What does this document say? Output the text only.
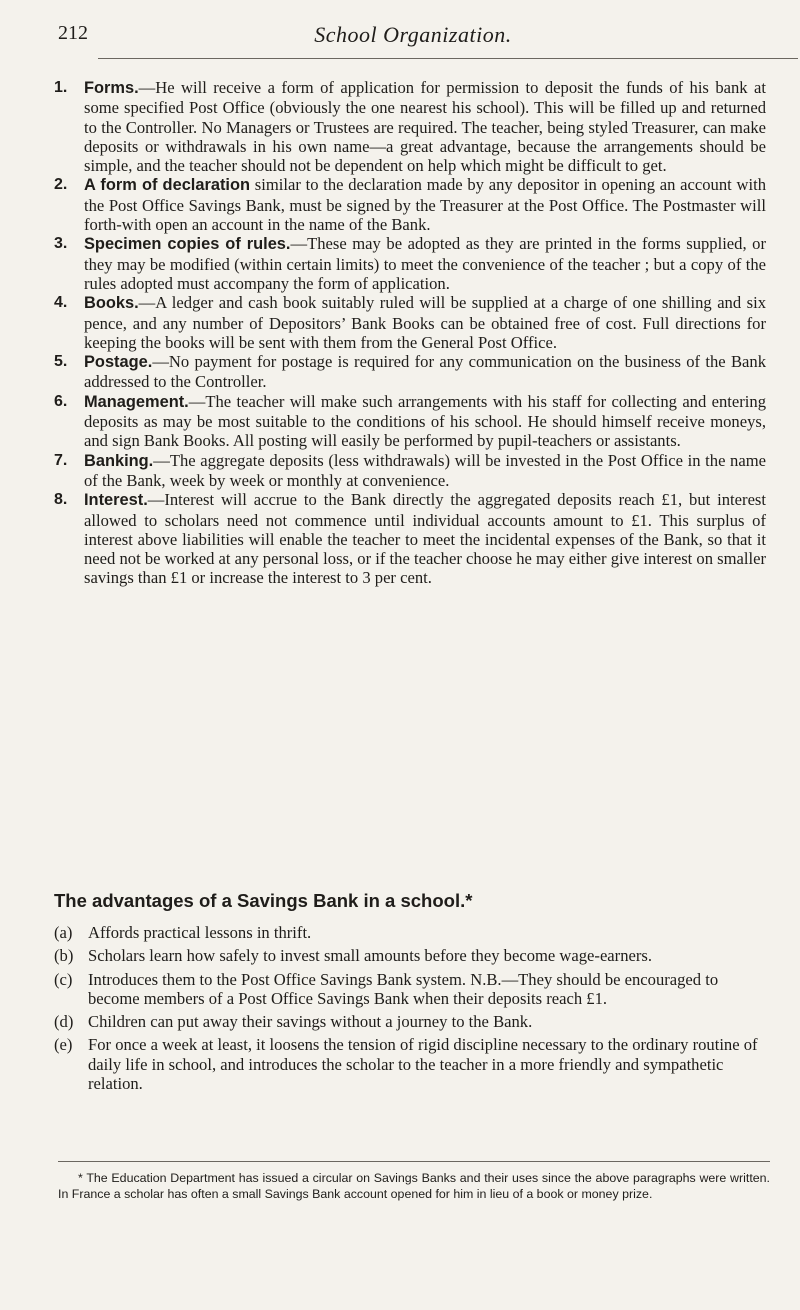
212	School Organization.
1. Forms.—He will receive a form of application for permission to deposit the funds of his bank at some specified Post Office (obviously the one nearest his school). This will be filled up and returned to the Controller. No Managers or Trustees are required. The teacher, being styled Treasurer, can make deposits or withdrawals in his own name—a great advantage, because the arrangements should be simple, and the teacher should not be dependent on help which might be difficult to get.
2. A form of declaration similar to the declaration made by any depositor in opening an account with the Post Office Savings Bank, must be signed by the Treasurer at the Post Office. The Postmaster will forth-with open an account in the name of the Bank.
3. Specimen copies of rules.—These may be adopted as they are printed in the forms supplied, or they may be modified (within certain limits) to meet the convenience of the teacher ; but a copy of the rules adopted must accompany the form of application.
4. Books.—A ledger and cash book suitably ruled will be supplied at a charge of one shilling and six pence, and any number of Depositors’ Bank Books can be obtained free of cost. Full directions for keeping the books will be sent with them from the General Post Office.
5. Postage.—No payment for postage is required for any communication on the business of the Bank addressed to the Controller.
6. Management.—The teacher will make such arrangements with his staff for collecting and entering deposits as may be most suitable to the conditions of his school. He should himself receive moneys, and sign Bank Books. All posting will easily be performed by pupil-teachers or assistants.
7. Banking.—The aggregate deposits (less withdrawals) will be invested in the Post Office in the name of the Bank, week by week or monthly at convenience.
8. Interest.—Interest will accrue to the Bank directly the aggregated deposits reach £1, but interest allowed to scholars need not commence until individual accounts amount to £1. This surplus of interest above liabilities will enable the teacher to meet the incidental expenses of the Bank, so that it need not be worked at any personal loss, or if the teacher choose he may either give interest on smaller savings than £1 or increase the interest to 3 per cent.
The advantages of a Savings Bank in a school.*
(a) Affords practical lessons in thrift.
(b) Scholars learn how safely to invest small amounts before they become wage-earners.
(c) Introduces them to the Post Office Savings Bank system. N.B.—They should be encouraged to become members of a Post Office Savings Bank when their deposits reach £1.
(d) Children can put away their savings without a journey to the Bank.
(e) For once a week at least, it loosens the tension of rigid discipline necessary to the ordinary routine of daily life in school, and introduces the scholar to the teacher in a more friendly and sympathetic relation.
* The Education Department has issued a circular on Savings Banks and their uses since the above paragraphs were written. In France a scholar has often a small Savings Bank account opened for him in lieu of a book or money prize.
